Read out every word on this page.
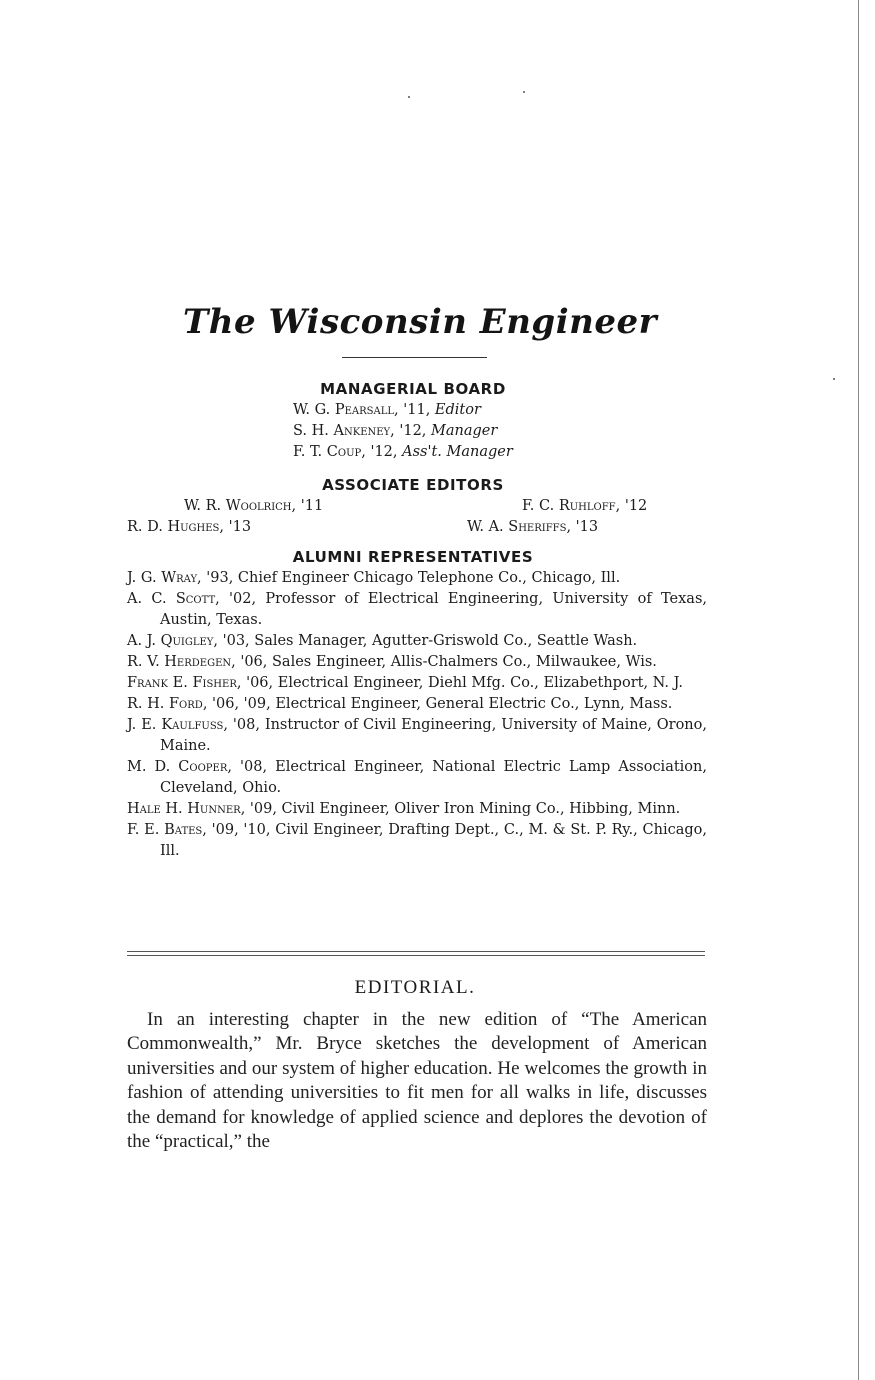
The Wisconsin Engineer
MANAGERIAL BOARD
W. G. Pearsall, '11, Editor
S. H. Ankeney, '12, Manager
F. T. Coup, '12, Ass't. Manager
ASSOCIATE EDITORS
W. R. Woolrich, '11	F. C. Ruhloff, '12
R. D. Hughes, '13	W. A. Sheriffs, '13
ALUMNI REPRESENTATIVES

J. G. Wray, '93, Chief Engineer Chicago Telephone Co., Chicago, Ill.

A. C. Scott, '02, Professor of Electrical Engineering, University of Texas, Austin, Texas.

A. J. Quigley, '03, Sales Manager, Agutter-Griswold Co., Seattle Wash.

R. V. Herdegen, '06, Sales Engineer, Allis-Chalmers Co., Milwaukee, Wis.

Frank E. Fisher, '06, Electrical Engineer, Diehl Mfg. Co., Elizabethport, N. J.

R. H. Ford, '06, '09, Electrical Engineer, General Electric Co., Lynn, Mass.

J. E. Kaulfuss, '08, Instructor of Civil Engineering, University of Maine, Orono, Maine.

M. D. Cooper, '08, Electrical Engineer, National Electric Lamp Association, Cleveland, Ohio.

Hale H. Hunner, '09, Civil Engineer, Oliver Iron Mining Co., Hibbing, Minn.

F. E. Bates, '09, '10, Civil Engineer, Drafting Dept., C., M. & St. P. Ry., Chicago, Ill.

EDITORIAL.

In an interesting chapter in the new edition of “The American Commonwealth,” Mr. Bryce sketches the development of American universities and our system of higher education. He welcomes the growth in fashion of attending universities to fit men for all walks in life, discusses the demand for knowledge of applied science and deplores the devotion of the “practical,” the
